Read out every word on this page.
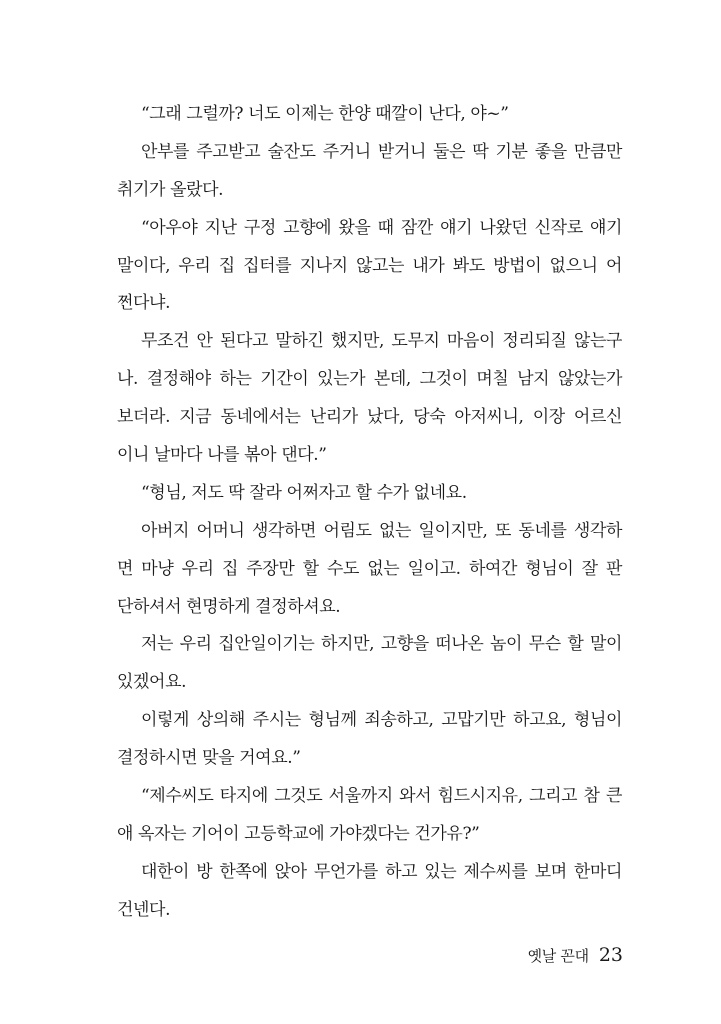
“그래 그럴까? 너도 이제는 한양 때깔이 난다, 야~”
안부를 주고받고 술잔도 주거니 받거니 둘은 딱 기분 좋을 만큼만
취기가 올랐다.
“아우야 지난 구정 고향에 왔을 때 잠깐 얘기 나왔던 신작로 얘기
말이다, 우리 집 집터를 지나지 않고는 내가 봐도 방법이 없으니 어
쩐다냐.
무조건 안 된다고 말하긴 했지만, 도무지 마음이 정리되질 않는구
나. 결정해야 하는 기간이 있는가 본데, 그것이 며칠 남지 않았는가
보더라. 지금 동네에서는 난리가 났다, 당숙 아저씨니, 이장 어르신
이니 날마다 나를 볶아 댄다.”
“형님, 저도 딱 잘라 어쩌자고 할 수가 없네요.
아버지 어머니 생각하면 어림도 없는 일이지만, 또 동네를 생각하
면 마냥 우리 집 주장만 할 수도 없는 일이고. 하여간 형님이 잘 판
단하셔서 현명하게 결정하셔요.
저는 우리 집안일이기는 하지만, 고향을 떠나온 놈이 무슨 할 말이
있겠어요.
이렇게 상의해 주시는 형님께 죄송하고, 고맙기만 하고요, 형님이
결정하시면 맞을 거여요.”
“제수씨도 타지에 그것도 서울까지 와서 힘드시지유, 그리고 참 큰
애 옥자는 기어이 고등학교에 가야겠다는 건가유?”
대한이 방 한쪽에 앉아 무언가를 하고 있는 제수씨를 보며 한마디
건넨다.
옛날 꼰대 23
